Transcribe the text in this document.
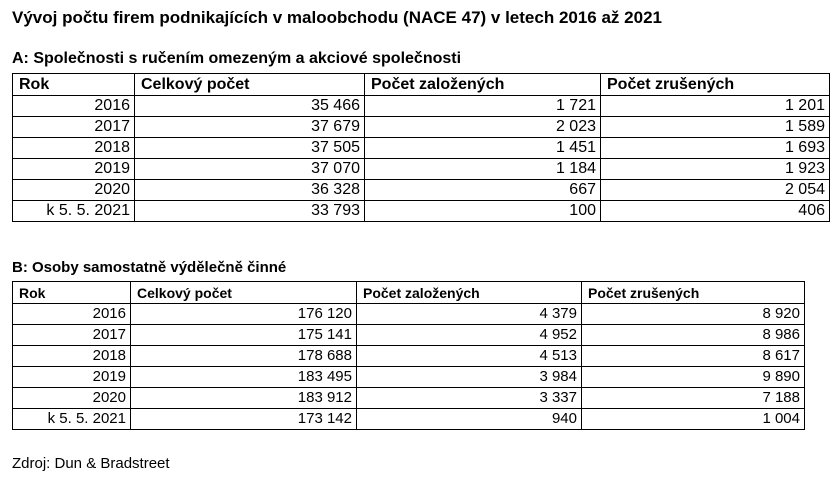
Vývoj počtu firem podnikajících v maloobchodu (NACE 47) v letech 2016 až 2021
A: Společnosti s ručením omezeným a akciové společnosti
Rok	Celkový počet	Počet založených	Počet zrušených
2016	35 466	1 721	1 201
2017	37 679	2 023	1 589
2018	37 505	1 451	1 693
2019	37 070	1 184	1 923
2020	36 328	667	2 054
k 5. 5. 2021	33 793	100	406
B: Osoby samostatně výdělečně činné
Rok	Celkový počet	Počet založených	Počet zrušených
2016	176 120	4 379	8 920
2017	175 141	4 952	8 986
2018	178 688	4 513	8 617
2019	183 495	3 984	9 890
2020	183 912	3 337	7 188
k 5. 5. 2021	173 142	940	1 004
Zdroj: Dun & Bradstreet
